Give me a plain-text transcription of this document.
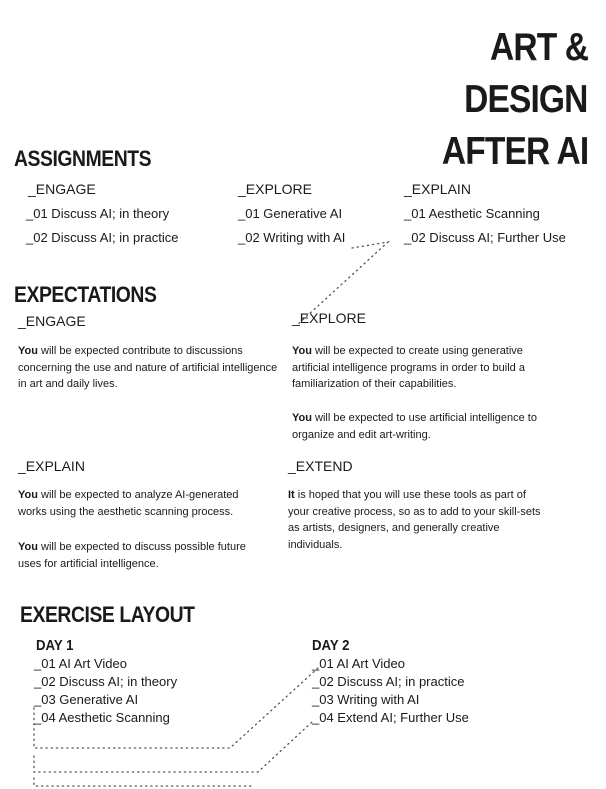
ART &
DESIGN
AFTER AI
ASSIGNMENTS
_ENGAGE
_01 Discuss AI; in theory
_02 Discuss AI; in practice
_EXPLORE
_01 Generative AI
_02 Writing with AI
_EXPLAIN
_01 Aesthetic Scanning
_02 Discuss AI; Further Use
EXPECTATIONS
_ENGAGE
You will be expected contribute to discussions concerning the use and nature of artificial intelligence in art and daily lives.
_EXPLORE
You will be expected to create using generative artificial intelligence programs in order to build a familiarization of their capabilities.
You will be expected to use artificial intelligence to organize and edit art-writing.
_EXPLAIN
You will be expected to analyze AI-generated works using the aesthetic scanning process.
You will be expected to discuss possible future uses for artificial intelligence.
_EXTEND
It is hoped that you will use these tools as part of your creative process, so as to add to your skill-sets as artists, designers, and generally creative individuals.
EXERCISE LAYOUT
DAY 1
_01 AI Art Video
_02 Discuss AI; in theory
_03 Generative AI
_04 Aesthetic Scanning
DAY 2
_01 AI Art Video
_02 Discuss AI; in practice
_03 Writing with AI
_04 Extend AI; Further Use
